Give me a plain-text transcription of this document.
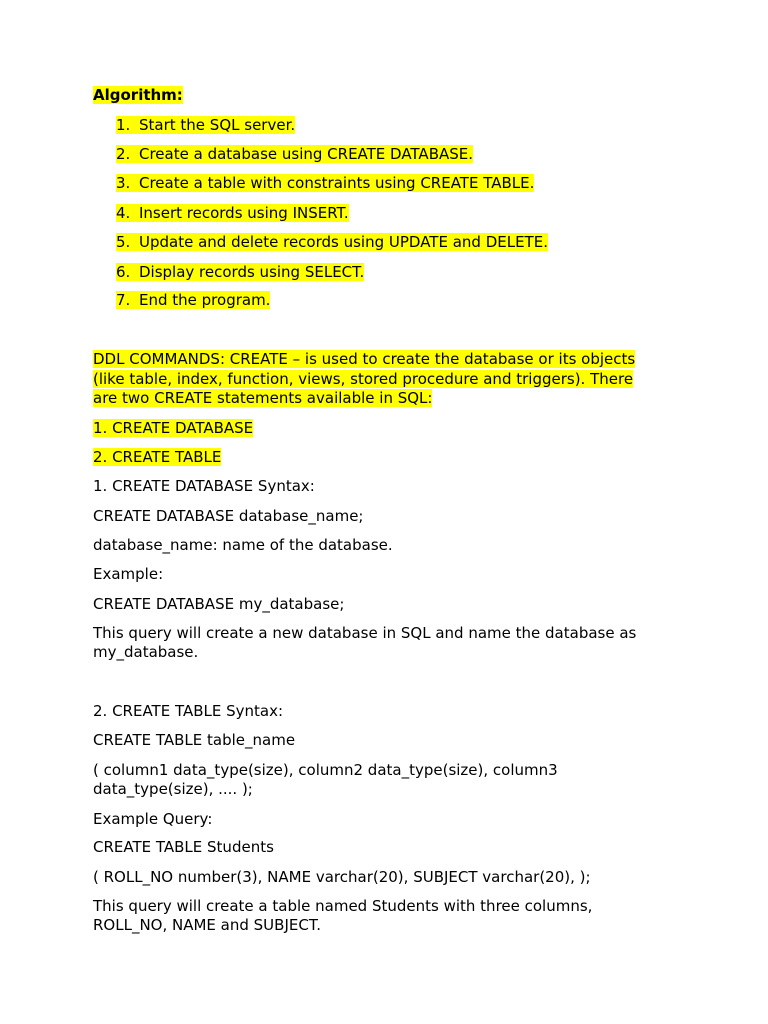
Algorithm:
1. Start the SQL server.
2. Create a database using CREATE DATABASE.
3. Create a table with constraints using CREATE TABLE.
4. Insert records using INSERT.
5. Update and delete records using UPDATE and DELETE.
6. Display records using SELECT.
7. End the program.
DDL COMMANDS: CREATE – is used to create the database or its objects
(like table, index, function, views, stored procedure and triggers). There
are two CREATE statements available in SQL:
1. CREATE DATABASE
2. CREATE TABLE
1. CREATE DATABASE Syntax:
CREATE DATABASE database_name;
database_name: name of the database.
Example:
CREATE DATABASE my_database;
This query will create a new database in SQL and name the database as
my_database.
2. CREATE TABLE Syntax:
CREATE TABLE table_name
( column1 data_type(size), column2 data_type(size), column3
data_type(size), .... );
Example Query:
CREATE TABLE Students
( ROLL_NO number(3), NAME varchar(20), SUBJECT varchar(20), );
This query will create a table named Students with three columns,
ROLL_NO, NAME and SUBJECT.
